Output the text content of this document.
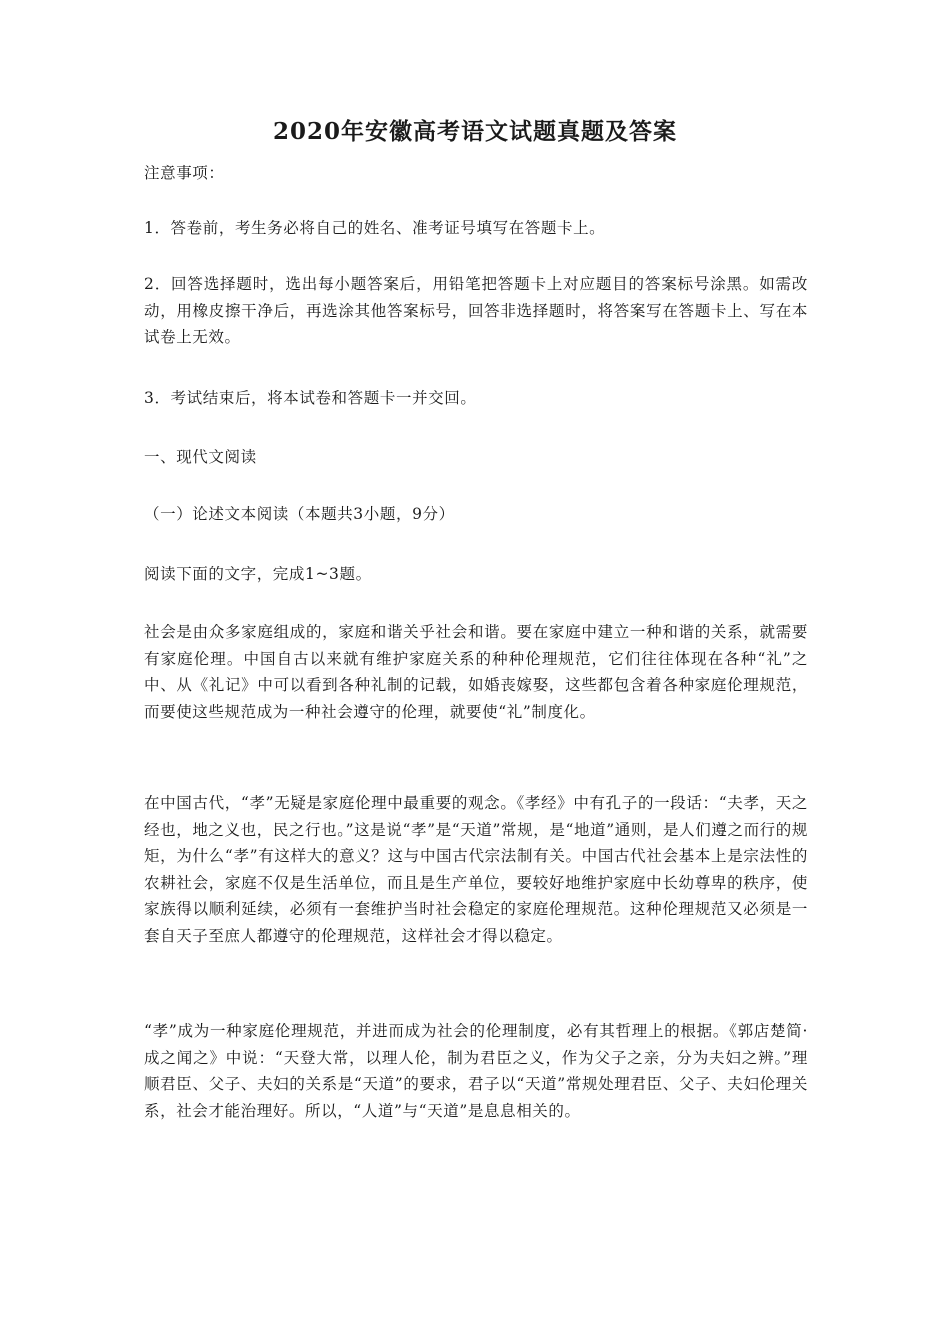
2020年安徽高考语文试题真题及答案

注意事项：

1．答卷前，考生务必将自己的姓名、准考证号填写在答题卡上。

2．回答选择题时，选出每小题答案后，用铅笔把答题卡上对应题目的答案标号涂黑。如需改动，用橡皮擦干净后，再选涂其他答案标号，回答非选择题时，将答案写在答题卡上、写在本试卷上无效。

3．考试结束后，将本试卷和答题卡一并交回。

一、现代文阅读

（一）论述文本阅读（本题共3小题，9分）

阅读下面的文字，完成1~3题。

社会是由众多家庭组成的，家庭和谐关乎社会和谐。要在家庭中建立一种和谐的关系，就需要有家庭伦理。中国自古以来就有维护家庭关系的种种伦理规范，它们往往体现在各种“礼”之中、从《礼记》中可以看到各种礼制的记载，如婚丧嫁娶，这些都包含着各种家庭伦理规范，而要使这些规范成为一种社会遵守的伦理，就要使“礼”制度化。

在中国古代，“孝”无疑是家庭伦理中最重要的观念。《孝经》中有孔子的一段话：“夫孝，天之经也，地之义也，民之行也。”这是说“孝”是“天道”常规，是“地道”通则，是人们遵之而行的规矩，为什么“孝”有这样大的意义？这与中国古代宗法制有关。中国古代社会基本上是宗法性的农耕社会，家庭不仅是生活单位，而且是生产单位，要较好地维护家庭中长幼尊卑的秩序，使家族得以顺利延续，必须有一套维护当时社会稳定的家庭伦理规范。这种伦理规范又必须是一套自天子至庶人都遵守的伦理规范，这样社会才得以稳定。

“孝”成为一种家庭伦理规范，并进而成为社会的伦理制度，必有其哲理上的根据。《郭店楚简·成之闻之》中说：“天登大常，以理人伦，制为君臣之义，作为父子之亲，分为夫妇之辨。”理顺君臣、父子、夫妇的关系是“天道”的要求，君子以“天道”常规处理君臣、父子、夫妇伦理关系，社会才能治理好。所以，“人道”与“天道”是息息相关的。
